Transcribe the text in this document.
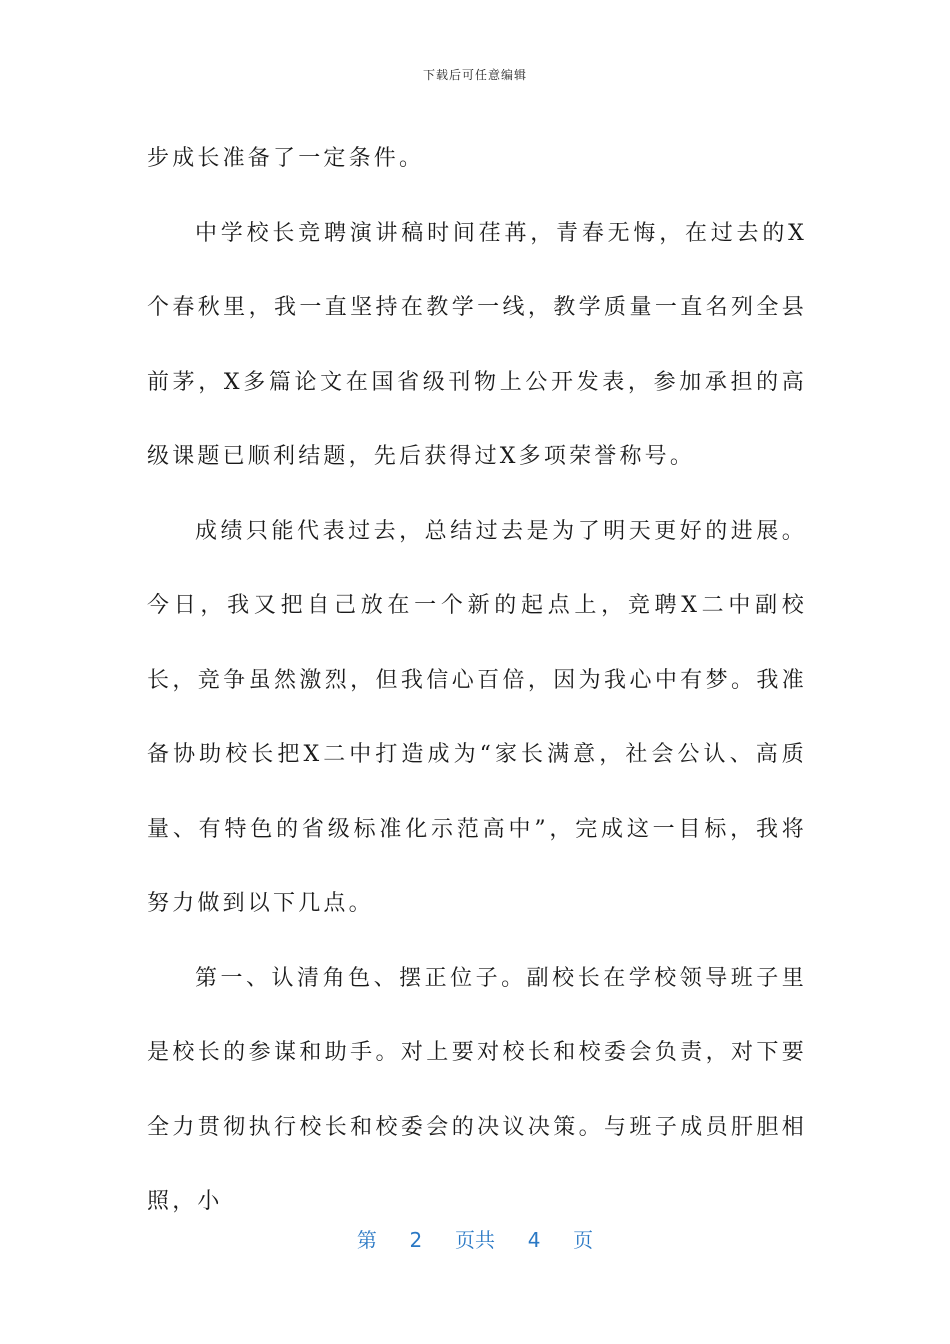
下载后可任意编辑

步成长准备了一定条件。

中学校长竞聘演讲稿时间荏苒，青春无悔，在过去的X个春秋里，我一直坚持在教学一线，教学质量一直名列全县前茅，X多篇论文在国省级刊物上公开发表，参加承担的高级课题已顺利结题，先后获得过X多项荣誉称号。

成绩只能代表过去，总结过去是为了明天更好的进展。今日，我又把自己放在一个新的起点上，竞聘X二中副校长，竞争虽然激烈，但我信心百倍，因为我心中有梦。我准备协助校长把X二中打造成为“家长满意，社会公认、高质量、有特色的省级标准化示范高中”，完成这一目标，我将努力做到以下几点。

第一、认清角色、摆正位子。副校长在学校领导班子里是校长的参谋和助手。对上要对校长和校委会负责，对下要全力贯彻执行校长和校委会的决议决策。与班子成员肝胆相照，小

第 2 页共 4 页
